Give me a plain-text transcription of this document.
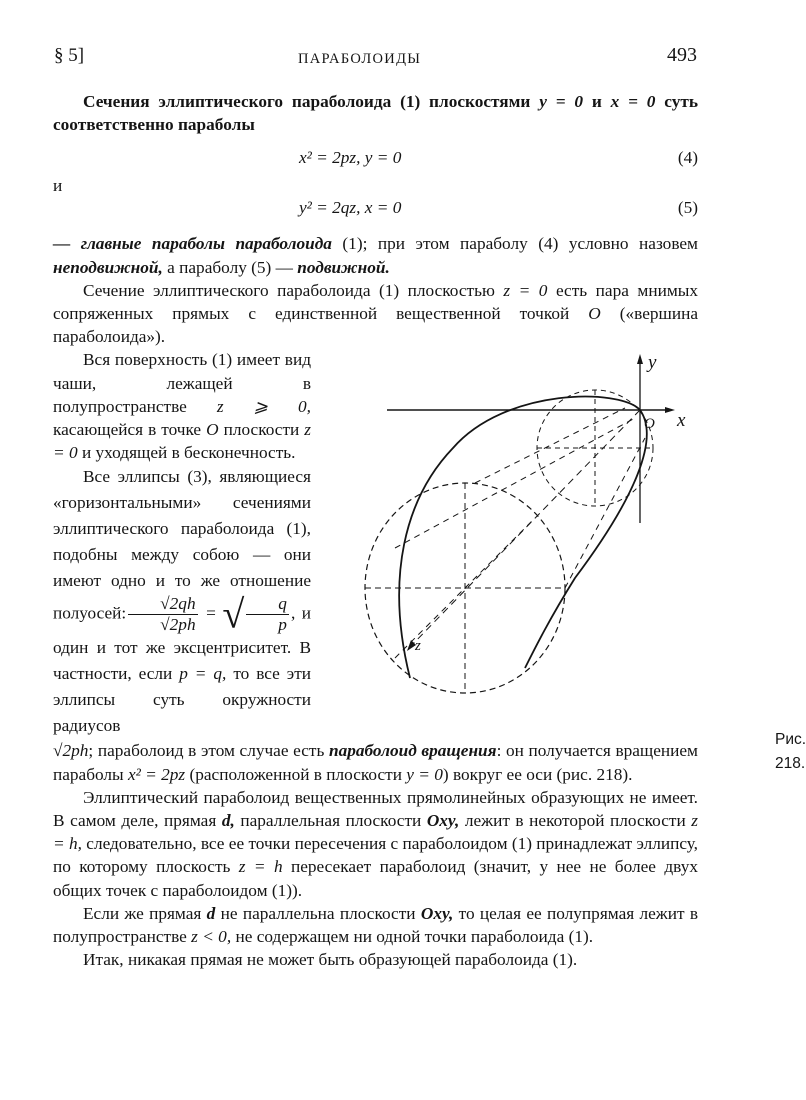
§ 5]	ПАРАБОЛОИДЫ	493

Сечения эллиптического параболоида (1) плоскостями y = 0 и x = 0 суть соответственно параболы

x² = 2pz, y = 0	(4)
и
y² = 2qz, x = 0	(5)

— главные параболы параболоида (1); при этом параболу (4) условно назовем неподвижной, а параболу (5) — подвижной.

Сечение эллиптического параболоида (1) плоскостью z = 0 есть пара мнимых сопряженных прямых с единственной вещественной точкой O («вершина параболоида»).

Вся поверхность (1) имеет вид чаши, лежащей в полупространстве z ⩾ 0, касающейся в точке O плоскости z = 0 и уходящей в бесконечность.

Все эллипсы (3), являющиеся «горизонтальными» сечениями эллиптического параболоида (1), подобны между собою — они имеют одно и то же отношение полуосей: $\frac{√2qh}{√2ph}$ = √ $\frac{q}{p}$ , и один и тот же эксцентриситет. В частности, если p = q, то все эти эллипсы суть окружности радиусов

y
x
O
z
Рис. 218.

√2ph; параболоид в этом случае есть параболоид вращения: он получается вращением параболы x² = 2pz (расположенной в плоскости y = 0) вокруг ее оси (рис. 218).

Эллиптический параболоид вещественных прямолинейных образующих не имеет. В самом деле, прямая d, параллельная плоскости Oxy, лежит в некоторой плоскости z = h, следовательно, все ее точки пересечения с параболоидом (1) принадлежат эллипсу, по которому плоскость z = h пересекает параболоид (значит, у нее не более двух общих точек с параболоидом (1)).

Если же прямая d не параллельна плоскости Oxy, то целая ее полупрямая лежит в полупространстве z < 0, не содержащем ни одной точки параболоида (1).

Итак, никакая прямая не может быть образующей параболоида (1).
